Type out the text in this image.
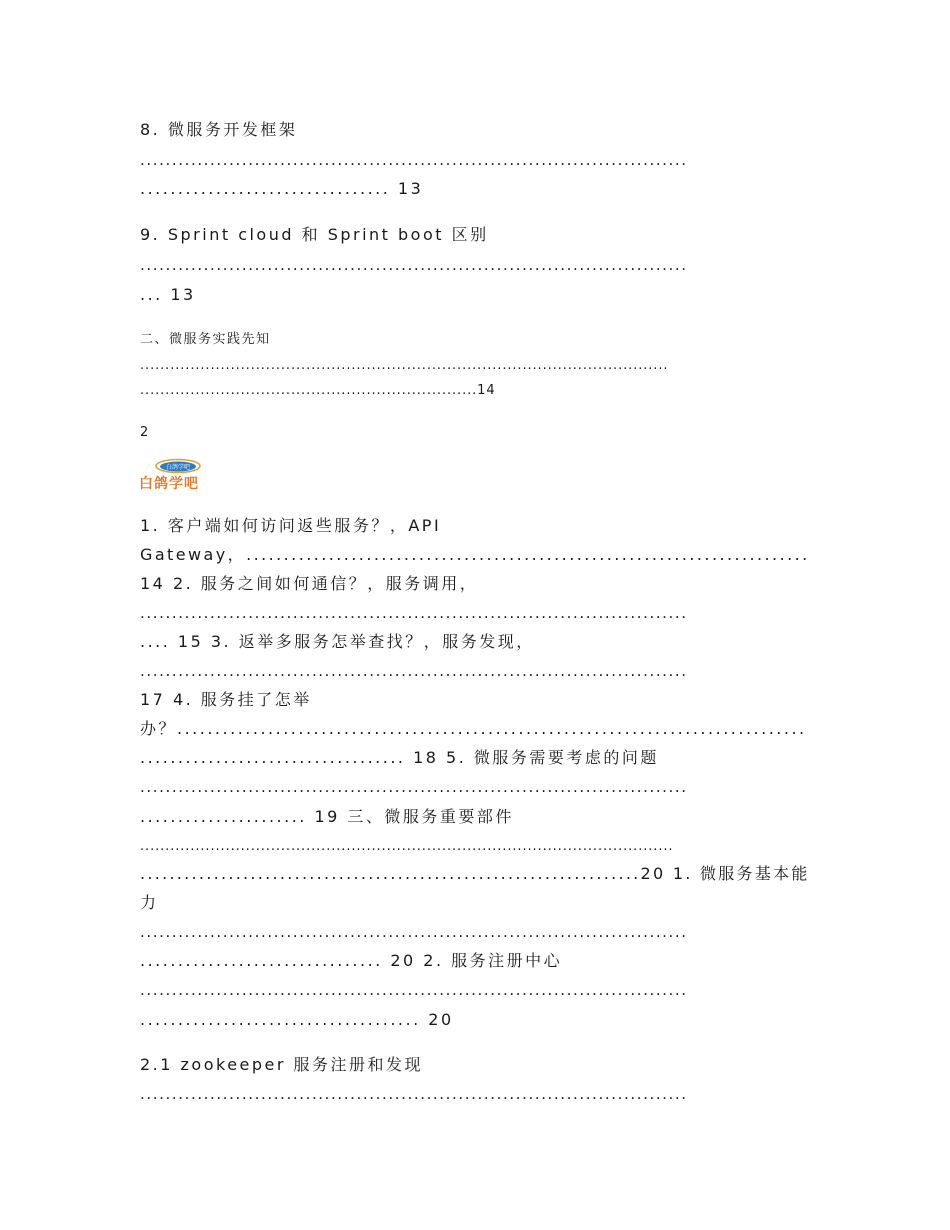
8. 微服务开发框架

......................................................................................

................................. 13

9. Sprint cloud 和 Sprint boot 区别

......................................................................................

... 13

二、微服务实践先知

.........................................................................................................

...................................................................14

2

白鸽学吧
白鸽学吧

1. 客户端如何访问返些服务？，API

Gateway，...........................................................................

14 2. 服务之间如何通信？，服务调用，

......................................................................................

.... 15 3. 返举多服务怎举查找？，服务发现，

......................................................................................

17 4. 服务挂了怎举

办？...................................................................................

................................... 18 5. 微服务需要考虑的问题

......................................................................................

...................... 19 三、微服务重要部件

..........................................................................................................

....................................................................20 1. 微服务基本能

力

......................................................................................

................................ 20 2. 服务注册中心

......................................................................................

..................................... 20

2.1 zookeeper 服务注册和发现

......................................................................................
